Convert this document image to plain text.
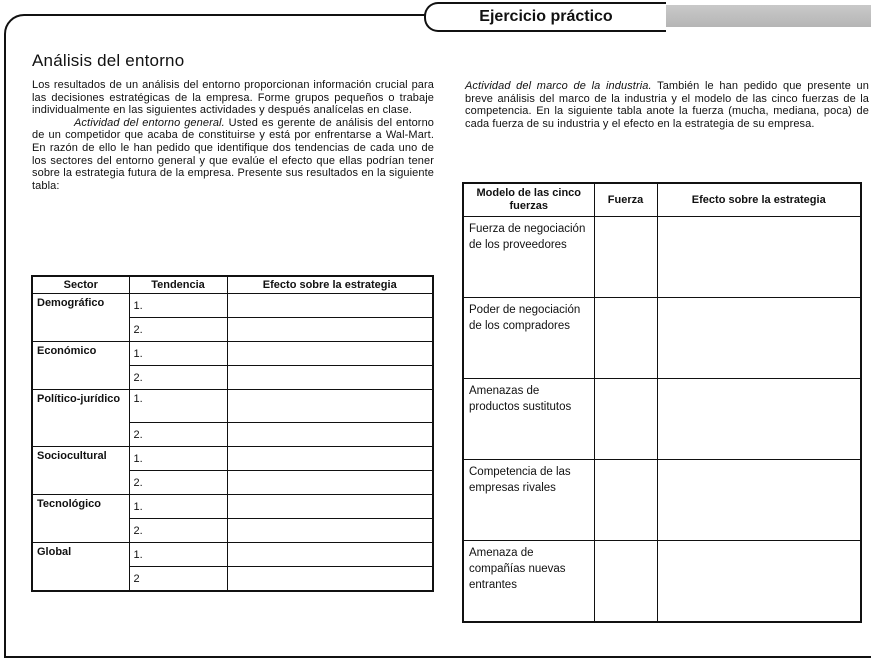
Ejercicio práctico
Análisis del entorno
Los resultados de un análisis del entorno proporcionan información crucial para las decisiones estratégicas de la empresa. Forme grupos pequeños o trabaje individualmente en las siguientes actividades y después analícelas en clase.
Actividad del entorno general. Usted es gerente de análisis del entorno de un competidor que acaba de constituirse y está por enfrentarse a Wal-Mart. En razón de ello le han pedido que identifique dos tendencias de cada uno de los sectores del entorno general y que evalúe el efecto que ellas podrían tener sobre la estrategia futura de la empresa. Presente sus resultados en la siguiente tabla:
Actividad del marco de la industria. También le han pedido que presente un breve análisis del marco de la industria y el modelo de las cinco fuerzas de la competencia. En la siguiente tabla anote la fuerza (mucha, mediana, poca) de cada fuerza de su industria y el efecto en la estrategia de su empresa.
Sector	Tendencia	Efecto sobre la estrategia
Demográfico	1.	
	2.	
Económico	1.	
	2.	
Político-jurídico	1.	
	2.	
Sociocultural	1.	
	2.	
Tecnológico	1.	
	2.	
Global	1.	
	2	
Modelo de las cinco fuerzas	Fuerza	Efecto sobre la estrategia
Fuerza de negociación de los proveedores		
Poder de negociación de los compradores		
Amenazas de productos sustitutos		
Competencia de las empresas rivales		
Amenaza de compañías nuevas entrantes		
